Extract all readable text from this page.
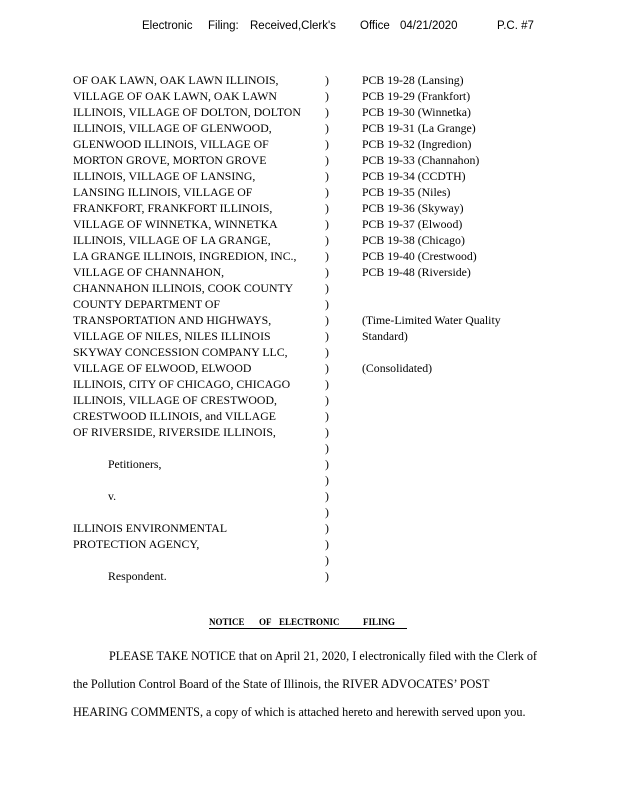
Electronic Filing: Received,Clerk's Office 04/21/2020	P.C. #7
OF OAK LAWN, OAK LAWN ILLINOIS,	)	PCB 19-28 (Lansing)
VILLAGE OF OAK LAWN, OAK LAWN	)	PCB 19-29 (Frankfort)
ILLINOIS, VILLAGE OF DOLTON, DOLTON )	PCB 19-30 (Winnetka)
ILLINOIS, VILLAGE OF GLENWOOD,	)	PCB 19-31 (La Grange)
GLENWOOD ILLINOIS, VILLAGE OF	)	PCB 19-32 (Ingredion)
MORTON GROVE, MORTON GROVE	)	PCB 19-33 (Channahon)
ILLINOIS, VILLAGE OF LANSING,	)	PCB 19-34 (CCDTH)
LANSING ILLINOIS, VILLAGE OF	)	PCB 19-35 (Niles)
FRANKFORT, FRANKFORT ILLINOIS,	)	PCB 19-36 (Skyway)
VILLAGE OF WINNETKA, WINNETKA	)	PCB 19-37 (Elwood)
ILLINOIS, VILLAGE OF LA GRANGE,	)	PCB 19-38 (Chicago)
LA GRANGE ILLINOIS, INGREDION, INC., )	PCB 19-40 (Crestwood)
VILLAGE OF CHANNAHON,	)	PCB 19-48 (Riverside)
CHANNAHON ILLINOIS, COOK COUNTY	)
COUNTY DEPARTMENT OF	)
TRANSPORTATION AND HIGHWAYS,	)	(Time-Limited Water Quality
VILLAGE OF NILES, NILES ILLINOIS	)	Standard)
SKYWAY CONCESSION COMPANY LLC,	)
VILLAGE OF ELWOOD, ELWOOD	)	(Consolidated)
ILLINOIS, CITY OF CHICAGO, CHICAGO	)
ILLINOIS, VILLAGE OF CRESTWOOD,	)
CRESTWOOD ILLINOIS, and VILLAGE	)
OF RIVERSIDE, RIVERSIDE ILLINOIS,	)
)
Petitioners,	)
)
v.	)
)
ILLINOIS ENVIRONMENTAL	)
PROTECTION AGENCY,	)
)
Respondent.	)
NOTICE OF ELECTRONIC	FILING
PLEASE TAKE NOTICE that on April 21, 2020, I electronically filed with the Clerk of
the Pollution Control Board of the State of Illinois, the RIVER ADVOCATES’ POST
HEARING COMMENTS, a copy of which is attached hereto and herewith served upon you.
